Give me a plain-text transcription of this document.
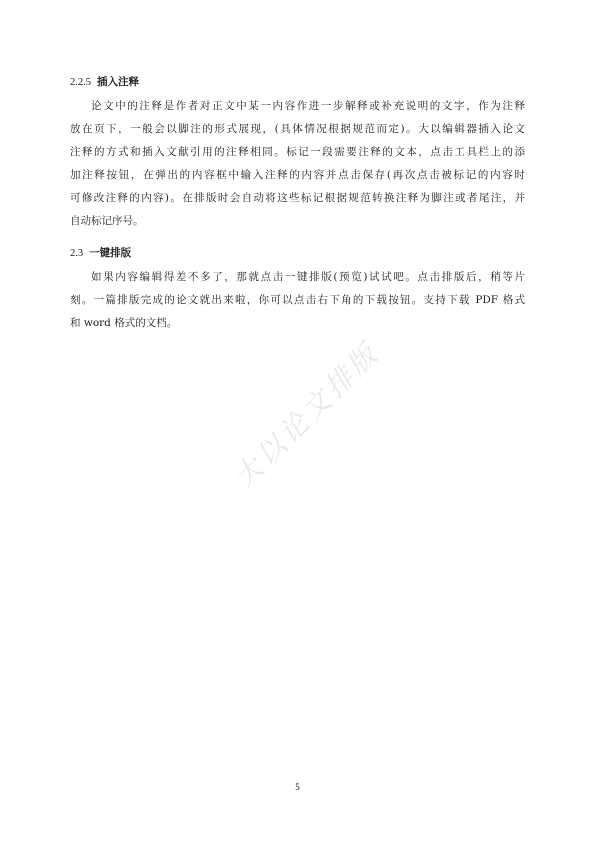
2.2.5 插入注释
论文中的注释是作者对正文中某一内容作进一步解释或补充说明的文字，作为注释
放在页下，一般会以脚注的形式展现，(具体情况根据规范而定)。大以编辑器插入论文
注释的方式和插入文献引用的注释相同。标记一段需要注释的文本，点击工具栏上的添
加注释按钮，在弹出的内容框中输入注释的内容并点击保存(再次点击被标记的内容时
可修改注释的内容)。在排版时会自动将这些标记根据规范转换注释为脚注或者尾注，并
自动标记序号。
2.3 一键排版
如果内容编辑得差不多了，那就点击一键排版(预览)试试吧。点击排版后，稍等片
刻。一篇排版完成的论文就出来啦，你可以点击右下角的下载按钮。支持下载 PDF 格式
和 word 格式的文档。
大以论文排版
5
